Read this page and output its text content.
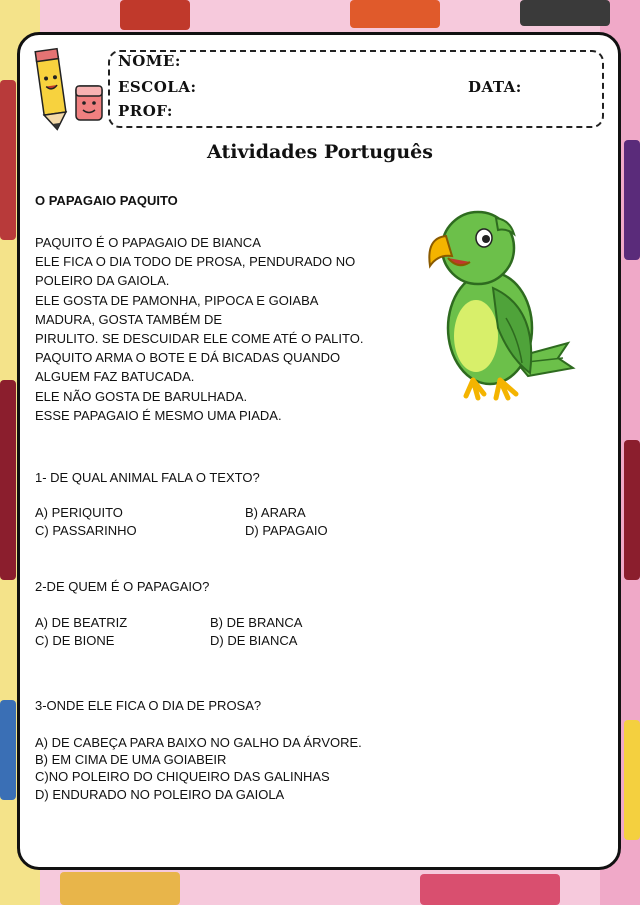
NOME:
ESCOLA:	DATA:
PROF:
Atividades Português
O PAPAGAIO PAQUITO
PAQUITO É O PAPAGAIO DE BIANCA
ELE FICA O DIA TODO DE PROSA, PENDURADO NO
POLEIRO DA GAIOLA.
ELE GOSTA DE PAMONHA, PIPOCA E GOIABA
MADURA, GOSTA TAMBÉM DE
PIRULITO. SE DESCUIDAR ELE COME ATÉ O PALITO.
PAQUITO ARMA O BOTE E DÁ BICADAS QUANDO
ALGUEM FAZ BATUCADA.
ELE NÃO GOSTA DE BARULHADA.
ESSE PAPAGAIO É MESMO UMA PIADA.
1- DE QUAL ANIMAL FALA O TEXTO?
A) PERIQUITO	B) ARARA
C) PASSARINHO	D) PAPAGAIO
2-DE QUEM É O PAPAGAIO?
A) DE BEATRIZ	B) DE BRANCA
C) DE BIONE	D) DE BIANCA
3-ONDE ELE FICA O DIA DE PROSA?
A) DE CABEÇA PARA BAIXO NO GALHO DA ÁRVORE.
B) EM CIMA DE UMA GOIABEIR
C)NO POLEIRO DO CHIQUEIRO DAS GALINHAS
D) ENDURADO NO POLEIRO DA GAIOLA
